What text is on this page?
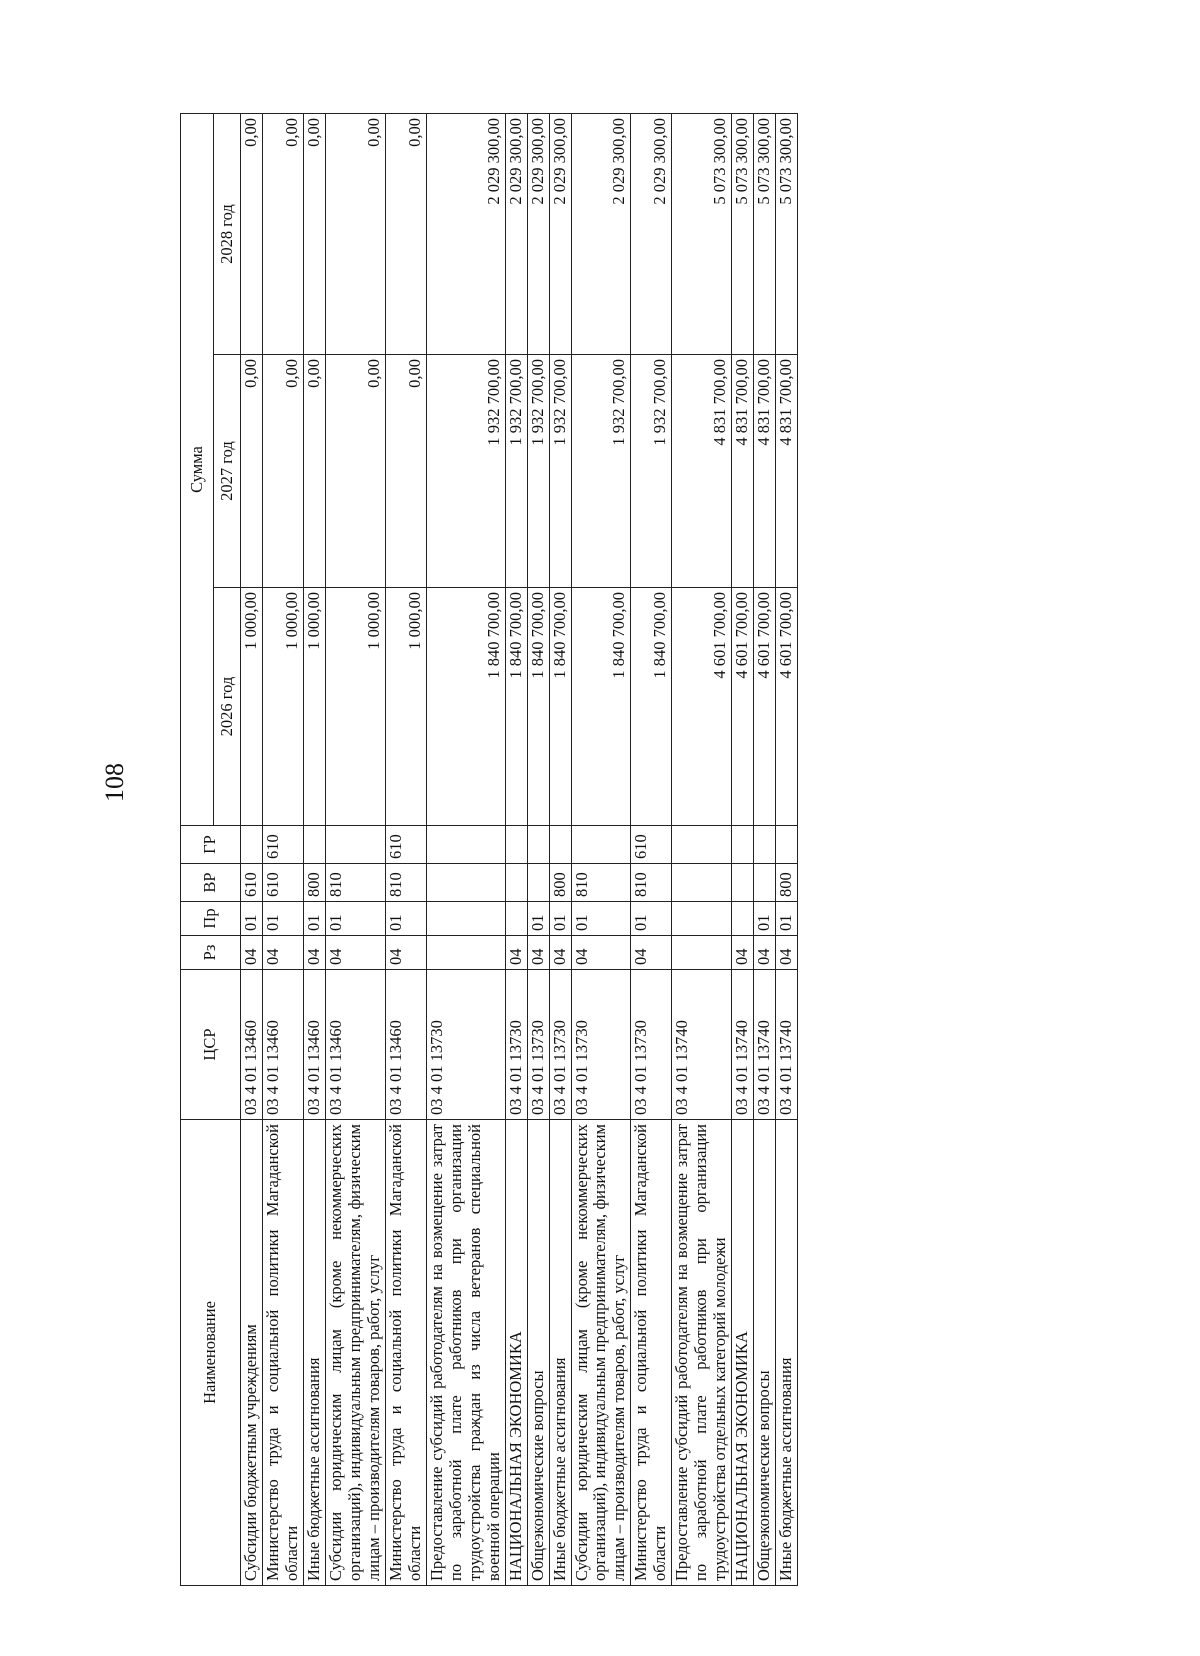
108
Наименование	ЦСР	Рз	Пр	ВР	ГР	Сумма		
						2026 год	2027 год	2028 год
Субсидии бюджетным учреждениям	03 4 01 13460	04	01	610		1 000,00	0,00	0,00
Министерство труда и социальной политики Магаданской области	03 4 01 13460	04	01	610	610	1 000,00	0,00	0,00
Иные бюджетные ассигнования	03 4 01 13460	04	01	800		1 000,00	0,00	0,00
Субсидии юридическим лицам (кроме некоммерческих организаций), индивидуальным предпринимателям, физическим лицам – производителям товаров, работ, услуг	03 4 01 13460	04	01	810		1 000,00	0,00	0,00
Министерство труда и социальной политики Магаданской области	03 4 01 13460	04	01	810	610	1 000,00	0,00	0,00
Предоставление субсидий работодателям на возмещение затрат по заработной плате работников при организации трудоустройства граждан из числа ветеранов специальной военной операции	03 4 01 13730					1 840 700,00	1 932 700,00	2 029 300,00
НАЦИОНАЛЬНАЯ ЭКОНОМИКА	03 4 01 13730	04				1 840 700,00	1 932 700,00	2 029 300,00
Общеэкономические вопросы	03 4 01 13730	04	01			1 840 700,00	1 932 700,00	2 029 300,00
Иные бюджетные ассигнования	03 4 01 13730	04	01	800		1 840 700,00	1 932 700,00	2 029 300,00
Субсидии юридическим лицам (кроме некоммерческих организаций), индивидуальным предпринимателям, физическим лицам – производителям товаров, работ, услуг	03 4 01 13730	04	01	810		1 840 700,00	1 932 700,00	2 029 300,00
Министерство труда и социальной политики Магаданской области	03 4 01 13730	04	01	810	610	1 840 700,00	1 932 700,00	2 029 300,00
Предоставление субсидий работодателям на возмещение затрат по заработной плате работников при организации трудоустройства отдельных категорий молодежи	03 4 01 13740					4 601 700,00	4 831 700,00	5 073 300,00
НАЦИОНАЛЬНАЯ ЭКОНОМИКА	03 4 01 13740	04				4 601 700,00	4 831 700,00	5 073 300,00
Общеэкономические вопросы	03 4 01 13740	04	01			4 601 700,00	4 831 700,00	5 073 300,00
Иные бюджетные ассигнования	03 4 01 13740	04	01	800		4 601 700,00	4 831 700,00	5 073 300,00
